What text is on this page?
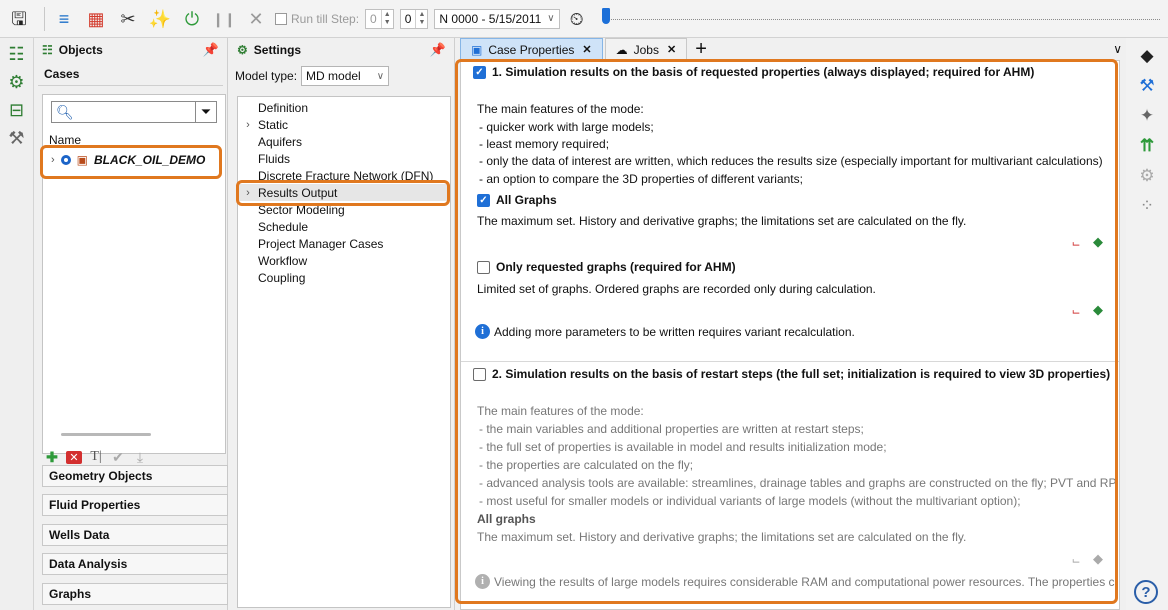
🖫	≡	▦ ✂ ✨ ⏻ ❙❙ ✕	Run till Step: 0	▲
▼	0	▲
▼ N 0000 - 5/15/2011 ∨ ⏲
☷
⚙
⊟
⚒
☷ Objects	📌
Cases
🔍︎	⏷
Name
› ▣ BLACK_OIL_DEMO
✚	✕ T| ✔ ⤓
Geometry Objects
Fluid Properties
Wells Data
Data Analysis
Graphs
⚙ Settings	📌
Model type: MD model ∨
Definition
› Static
Aquifers
Fluids
Discrete Fracture Network (DFN)
› Results Output
Sector Modeling
Schedule
Project Manager Cases
Workflow
Coupling
▣ Case Properties ✕ ☁︎ Jobs ✕ +	∨
✓ 1. Simulation results on the basis of requested properties (always displayed; required for AHM)
The main features of the mode:
- quicker work with large models;
- least memory required;
- only the data of interest are written, which reduces the results size (especially important for multivariant calculations)
- an option to compare the 3D properties of different variants;
✓ All Graphs
The maximum set. History and derivative graphs; the limitations set are calculated on the fly.
⨽	◆
Only requested graphs (required for AHM)
Limited set of graphs. Ordered graphs are recorded only during calculation.
⨽	◆
i Adding more parameters to be written requires variant recalculation.
2. Simulation results on the basis of restart steps (the full set; initialization is required to view 3D properties)
The main features of the mode:
- the main variables and additional properties are written at restart steps;
- the full set of properties is available in model and results initialization mode;
- the properties are calculated on the fly;
- advanced analysis tools are available: streamlines, drainage tables and graphs are constructed on the fly; PVT and RP
- most useful for smaller models or individual variants of large models (without the multivariant option);
All graphs
The maximum set. History and derivative graphs; the limitations set are calculated on the fly.
⨽	◆
i Viewing the results of large models requires considerable RAM and computational power resources. The properties c
◆
⚒
✦
⇈
⚙
⁘
?
